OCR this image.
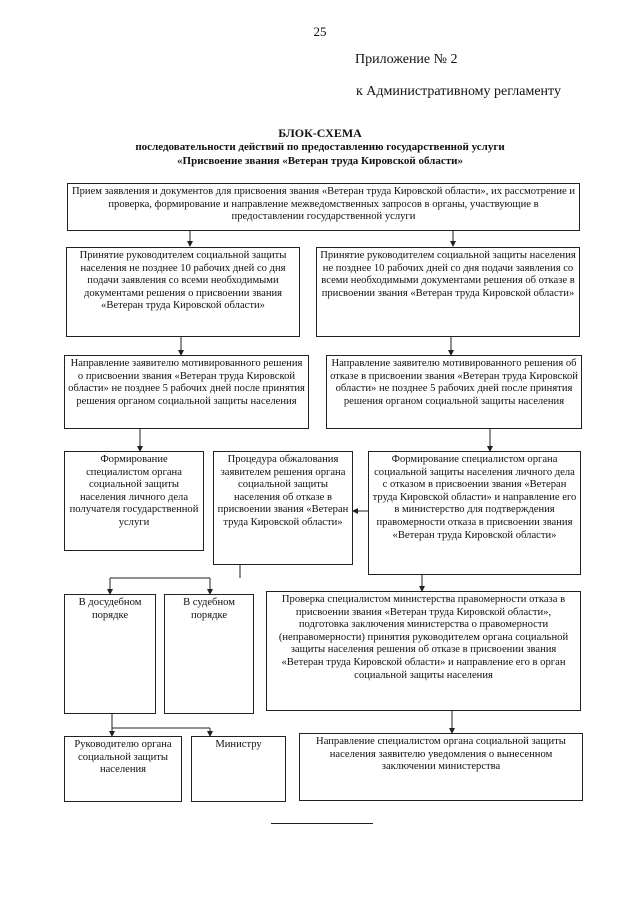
25
Приложение № 2
к Административному регламенту
БЛОК-СХЕМА
последовательности действий по предоставлению государственной услуги
«Присвоение звания «Ветеран труда Кировской области»
Прием заявления и документов для присвоения звания «Ветеран труда Кировской области», их рассмотрение и проверка, формирование и направление межведомственных запросов в органы, участвующие в предоставлении государственной услуги
Принятие руководителем социальной защиты населения не позднее 10 рабочих дней со дня подачи заявления со всеми необходимыми документами решения о присвоении звания «Ветеран труда Кировской области»
Принятие руководителем социальной защиты населения не позднее 10 рабочих дней со дня подачи заявления со всеми необходимыми документами решения об отказе в присвоении звания «Ветеран труда Кировской области»
Направление заявителю мотивированного решения о присвоении звания «Ветеран труда Кировской области» не позднее 5 рабочих дней после принятия решения органом социальной защиты населения
Направление заявителю мотивированного решения об отказе в присвоении звания «Ветеран труда Кировской области» не позднее 5 рабочих дней после принятия решения органом социальной защиты населения
Формирование специалистом органа социальной защиты населения личного дела получателя государственной услуги
Процедура обжалования заявителем решения органа социальной защиты населения об отказе в присвоении звания «Ветеран труда Кировской области»
Формирование специалистом органа социальной защиты населения личного дела с отказом в присвоении звания «Ветеран труда Кировской области» и направление его в министерство для подтверждения правомерности отказа в присвоении звания «Ветеран труда Кировской области»
В досудебном порядке
В судебном порядке
Проверка специалистом министерства правомерности отказа в присвоении звания «Ветеран труда Кировской области», подготовка заключения министерства о правомерности (неправомерности) принятия руководителем органа социальной защиты населения решения об отказе в присвоении звания «Ветеран труда Кировской области» и направление его в орган социальной защиты населения
Руководителю органа социальной защиты населения
Министру	Направление специалистом органа социальной защиты населения заявителю уведомления о вынесенном заключении министерства
